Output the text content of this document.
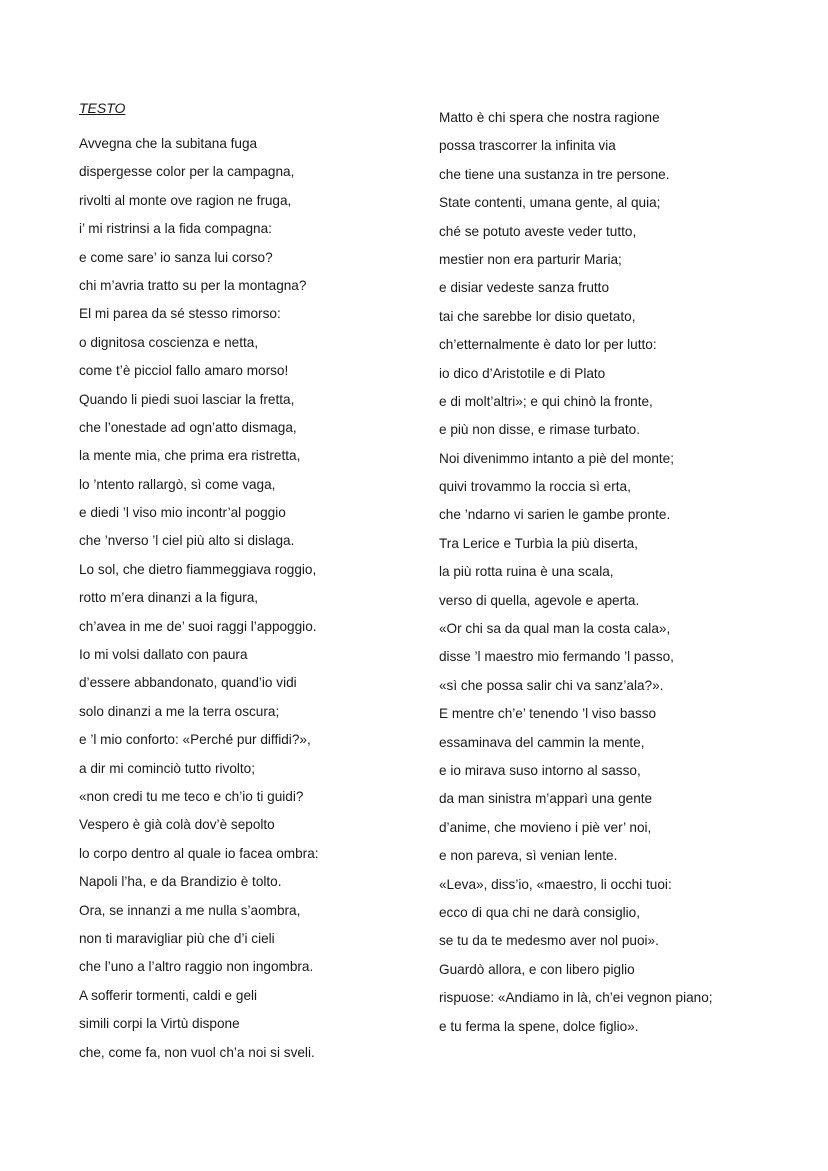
TESTO
Avvegna che la subitana fuga
dispergesse color per la campagna,
rivolti al monte ove ragion ne fruga,
i’ mi ristrinsi a la fida compagna:
e come sare’ io sanza lui corso?
chi m’avria tratto su per la montagna?
El mi parea da sé stesso rimorso:
o dignitosa coscienza e netta,
come t’è picciol fallo amaro morso!
Quando li piedi suoi lasciar la fretta,
che l’onestade ad ogn’atto dismaga,
la mente mia, che prima era ristretta,
lo ’ntento rallargò, sì come vaga,
e diedi ’l viso mio incontr’al poggio
che ’nverso ’l ciel più alto si dislaga.
Lo sol, che dietro fiammeggiava roggio,
rotto m’era dinanzi a la figura,
ch’avea in me de’ suoi raggi l’appoggio.
Io mi volsi dallato con paura
d’essere abbandonato, quand’io vidi
solo dinanzi a me la terra oscura;
e ’l mio conforto: «Perché pur diffidi?»,
a dir mi cominciò tutto rivolto;
«non credi tu me teco e ch’io ti guidi?
Vespero è già colà dov’è sepolto
lo corpo dentro al quale io facea ombra:
Napoli l’ha, e da Brandizio è tolto.
Ora, se innanzi a me nulla s’aombra,
non ti maravigliar più che d’i cieli
che l’uno a l’altro raggio non ingombra.
A sofferir tormenti, caldi e geli
simili corpi la Virtù dispone
che, come fa, non vuol ch’a noi si sveli.
Matto è chi spera che nostra ragione
possa trascorrer la infinita via
che tiene una sustanza in tre persone.
State contenti, umana gente, al quia;
ché se potuto aveste veder tutto,
mestier non era parturir Maria;
e disiar vedeste sanza frutto
tai che sarebbe lor disio quetato,
ch’etternalmente è dato lor per lutto:
io dico d’Aristotile e di Plato
e di molt’altri»; e qui chinò la fronte,
e più non disse, e rimase turbato.
Noi divenimmo intanto a piè del monte;
quivi trovammo la roccia sì erta,
che ’ndarno vi sarien le gambe pronte.
Tra Lerice e Turbìa la più diserta,
la più rotta ruina è una scala,
verso di quella, agevole e aperta.
«Or chi sa da qual man la costa cala»,
disse ’l maestro mio fermando ’l passo,
«sì che possa salir chi va sanz’ala?».
E mentre ch’e’ tenendo ’l viso basso
essaminava del cammin la mente,
e io mirava suso intorno al sasso,
da man sinistra m’apparì una gente
d’anime, che movieno i piè ver’ noi,
e non pareva, sì venian lente.
«Leva», diss’io, «maestro, li occhi tuoi:
ecco di qua chi ne darà consiglio,
se tu da te medesmo aver nol puoi».
Guardò allora, e con libero piglio
rispuose: «Andiamo in là, ch’ei vegnon piano;
e tu ferma la spene, dolce figlio».
